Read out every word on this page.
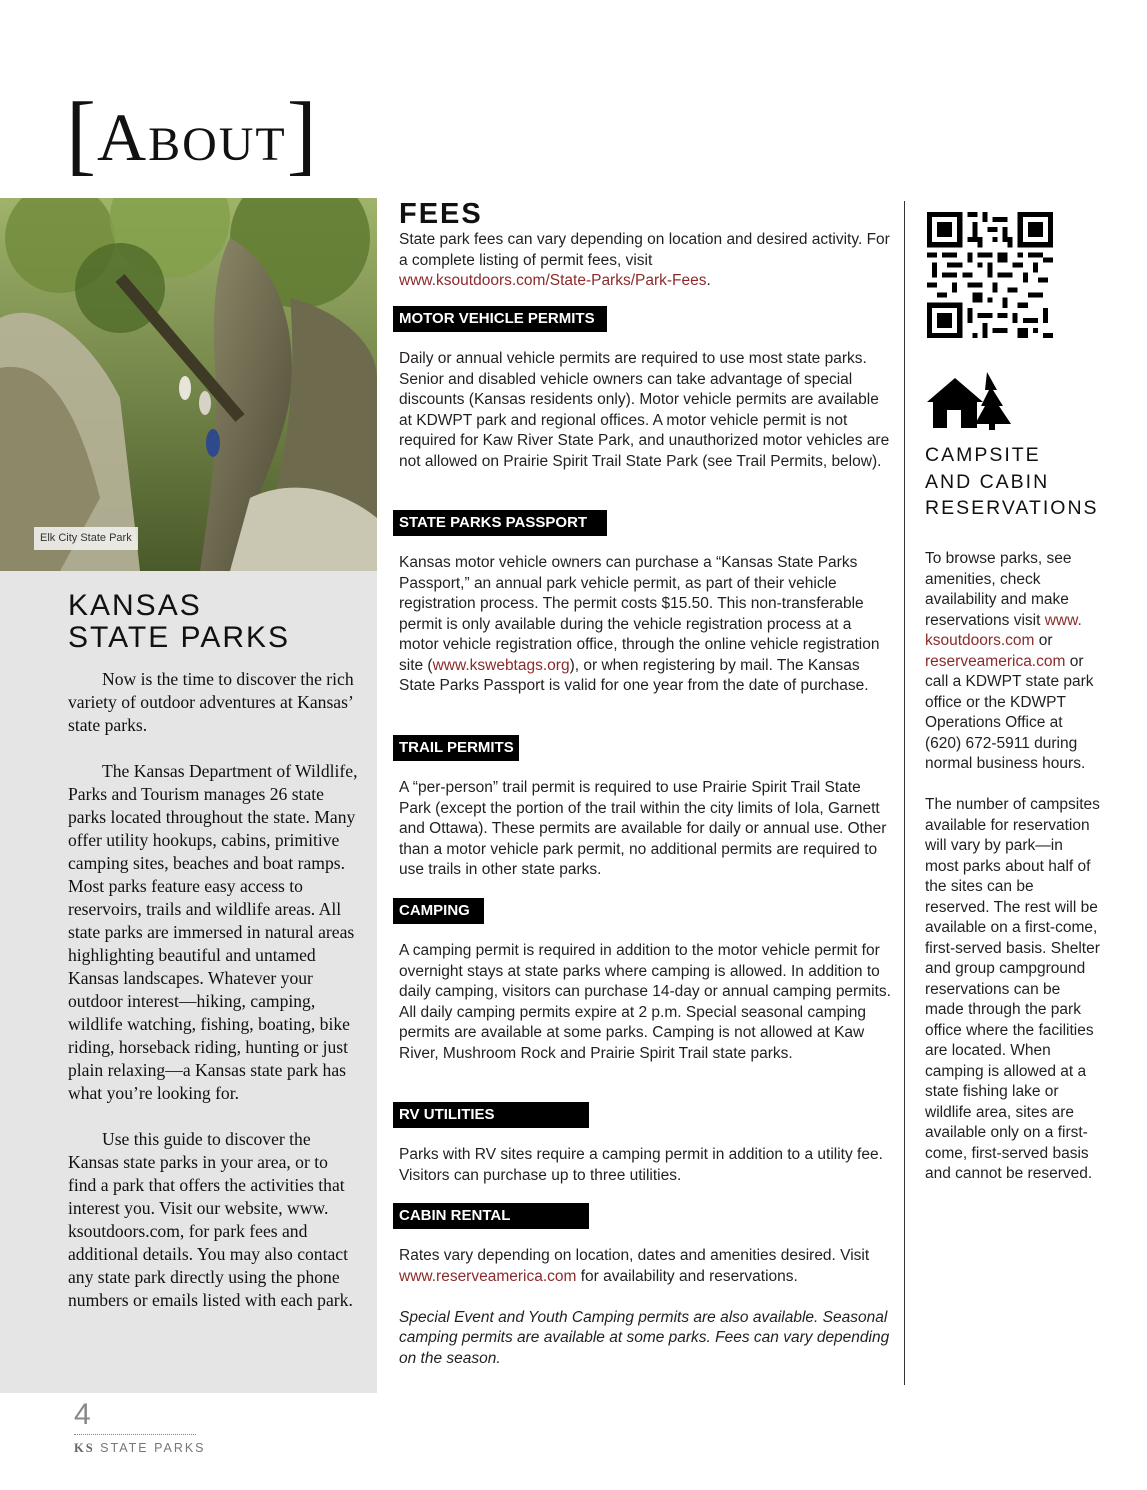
[About]
Elk City State Park
KANSAS
STATE PARKS

Now is the time to discover the rich variety of outdoor adventures at Kansas’ state parks.

The Kansas Department of Wildlife, Parks and Tourism manages 26 state parks located throughout the state. Many offer utility hookups, cabins, primitive camping sites, beaches and boat ramps. Most parks feature easy access to reservoirs, trails and wildlife areas. All state parks are immersed in natural areas highlighting beautiful and untamed Kansas landscapes. Whatever your outdoor interest—hiking, camping, wildlife watching, fishing, boating, bike riding, horseback riding, hunting or just plain relaxing—a Kansas state park has what you’re looking for.

Use this guide to discover the Kansas state parks in your area, or to find a park that offers the activities that interest you. Visit our website, www. ksoutdoors.com, for park fees and additional details. You may also contact any state park directly using the phone numbers or emails listed with each park.

FEES

State park fees can vary depending on location and desired activity. For a complete listing of permit fees, visit
www.ksoutdoors.com/State-Parks/Park-Fees.

MOTOR VEHICLE PERMITS

Daily or annual vehicle permits are required to use most state parks. Senior and disabled vehicle owners can take advantage of special discounts (Kansas residents only). Motor vehicle permits are available at KDWPT park and regional offices. A motor vehicle permit is not required for Kaw River State Park, and unauthorized motor vehicles are not allowed on Prairie Spirit Trail State Park (see Trail Permits, below).

STATE PARKS PASSPORT

Kansas motor vehicle owners can purchase a “Kansas State Parks Passport,” an annual park vehicle permit, as part of their vehicle registration process. The permit costs $15.50. This non-transferable permit is only available during the vehicle registration process at a motor vehicle registration office, through the online vehicle registration site (www.kswebtags.org), or when registering by mail. The Kansas State Parks Passport is valid for one year from the date of purchase.

TRAIL PERMITS

A “per-person” trail permit is required to use Prairie Spirit Trail State Park (except the portion of the trail within the city limits of Iola, Garnett and Ottawa). These permits are available for daily or annual use. Other than a motor vehicle park permit, no additional permits are required to use trails in other state parks.

CAMPING

A camping permit is required in addition to the motor vehicle permit for overnight stays at state parks where camping is allowed. In addition to daily camping, visitors can purchase 14-day or annual camping permits. All daily camping permits expire at 2 p.m. Special seasonal camping permits are available at some parks. Camping is not allowed at Kaw River, Mushroom Rock and Prairie Spirit Trail state parks.

RV UTILITIES

Parks with RV sites require a camping permit in addition to a utility fee. Visitors can purchase up to three utilities.

CABIN RENTAL

Rates vary depending on location, dates and amenities desired. Visit www.reserveamerica.com for availability and reservations.

Special Event and Youth Camping permits are also available. Seasonal camping permits are available at some parks. Fees can vary depending on the season.

CAMPSITE
AND CABIN
RESERVATIONS

To browse parks, see amenities, check availability and make reservations visit www. ksoutdoors.com or reserveamerica.com or call a KDWPT state park office or the KDWPT Operations Office at (620) 672-5911 during normal business hours.

The number of campsites available for reservation will vary by park—in most parks about half of the sites can be reserved. The rest will be available on a first-come, first-served basis. Shelter and group campground reservations can be made through the park office where the facilities are located. When camping is allowed at a state fishing lake or wildlife area, sites are available only on a first-come, first-served basis and cannot be reserved.

4
KS STATE PARKS
